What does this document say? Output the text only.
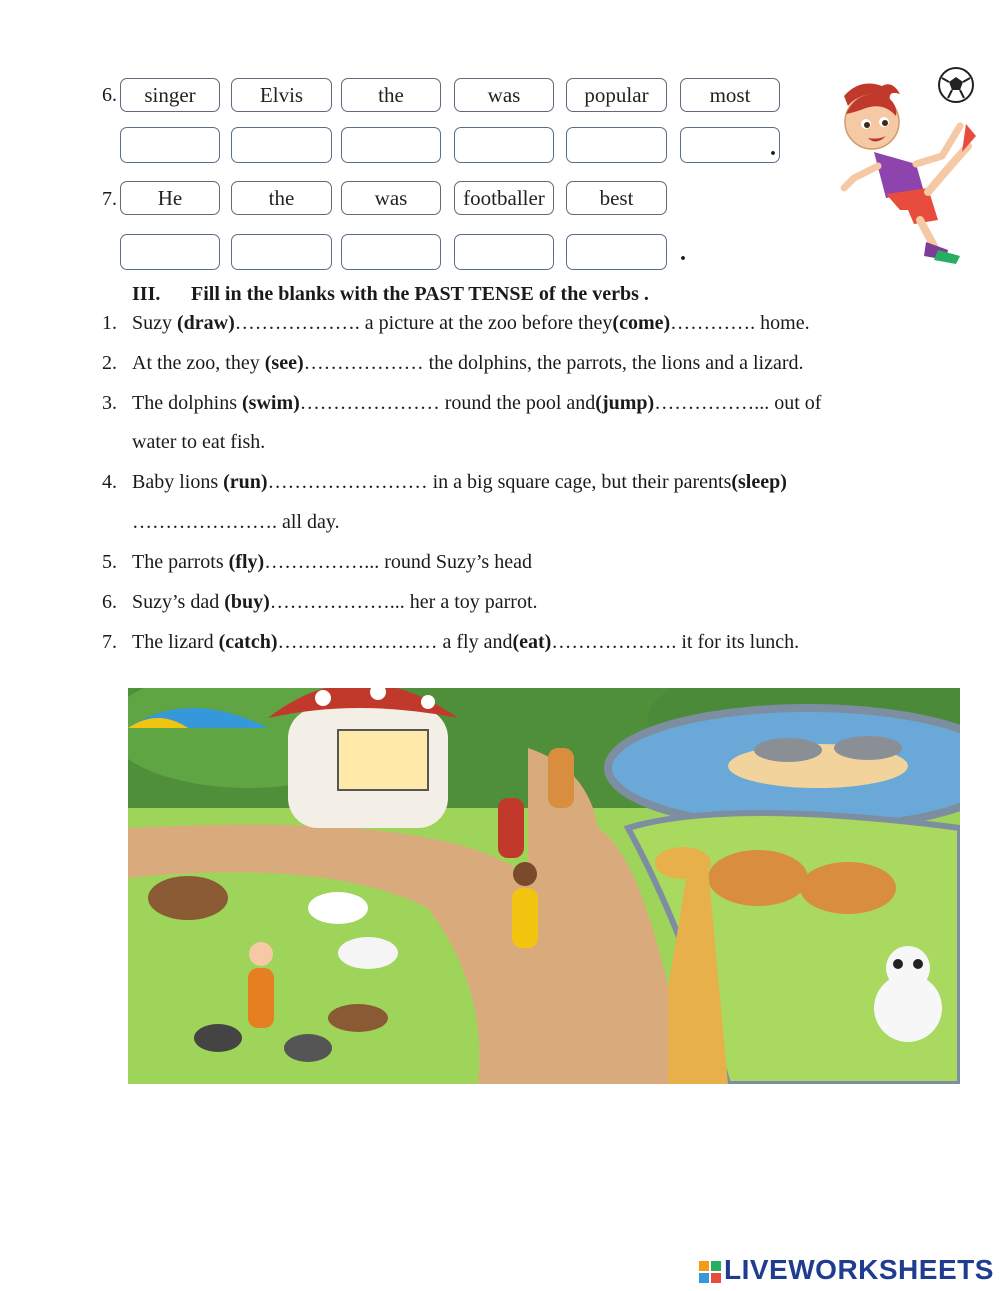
6.	singer	Elvis	the	was	popular	most
.
7.	He	the	was	footballer	best
.
III. Fill in the blanks with the PAST TENSE of the verbs .
1. Suzy (draw)………………. a picture at the zoo before they(come)…………. home.
2. At the zoo, they (see)……………… the dolphins, the parrots, the lions and a lizard.
3. The dolphins (swim)………………… round the pool and(jump)……………... out of
water to eat fish.
4. Baby lions (run)…………………… in a big square cage, but their parents(sleep)
…………………. all day.
5. The parrots (fly)……………... round Suzy’s head
6. Suzy’s dad (buy)………………... her a toy parrot.
7. The lizard (catch)…………………… a fly and(eat)………………. it for its lunch.
LIVEWORKSHEETS
